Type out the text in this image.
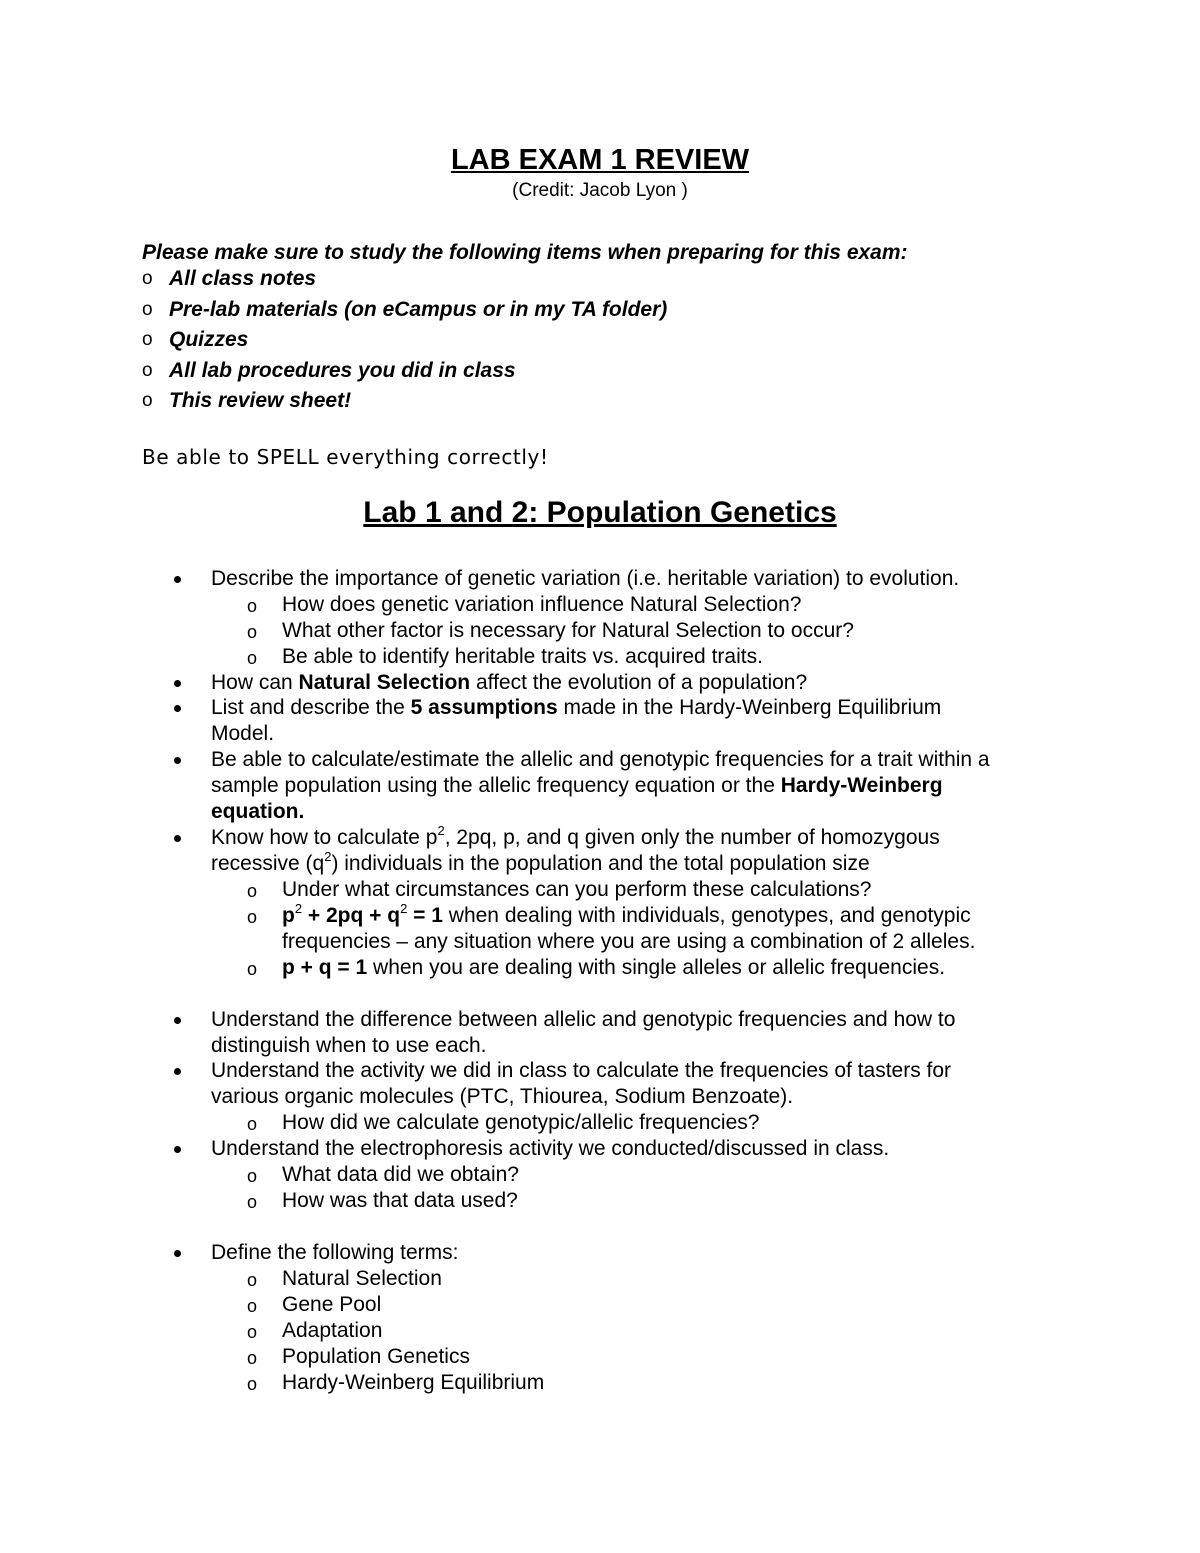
LAB EXAM 1 REVIEW
(Credit: Jacob Lyon )
Please make sure to study the following items when preparing for this exam:
o All class notes
o Pre-lab materials (on eCampus or in my TA folder)
o Quizzes
o All lab procedures you did in class
o This review sheet!
Be able to SPELL everything correctly!
Lab 1 and 2: Population Genetics
Describe the importance of genetic variation (i.e. heritable variation) to evolution.
o How does genetic variation influence Natural Selection?
o What other factor is necessary for Natural Selection to occur?
o Be able to identify heritable traits vs. acquired traits.
How can Natural Selection affect the evolution of a population?
List and describe the 5 assumptions made in the Hardy-Weinberg Equilibrium
Model.
Be able to calculate/estimate the allelic and genotypic frequencies for a trait within a
sample population using the allelic frequency equation or the Hardy-Weinberg
equation.
Know how to calculate $p^2$, 2pq, p, and q given only the number of homozygous
recessive $(q^2)$ individuals in the population and the total population size
o Under what circumstances can you perform these calculations?
o $p^2 + 2pq + q^2 = 1$ when dealing with individuals, genotypes, and genotypic
frequencies – any situation where you are using a combination of 2 alleles.
o p + q = 1 when you are dealing with single alleles or allelic frequencies.
Understand the difference between allelic and genotypic frequencies and how to
distinguish when to use each.
Understand the activity we did in class to calculate the frequencies of tasters for
various organic molecules (PTC, Thiourea, Sodium Benzoate).
o How did we calculate genotypic/allelic frequencies?
Understand the electrophoresis activity we conducted/discussed in class.
o What data did we obtain?
o How was that data used?
Define the following terms:
o Natural Selection
o Gene Pool
o Adaptation
o Population Genetics
o Hardy-Weinberg Equilibrium
